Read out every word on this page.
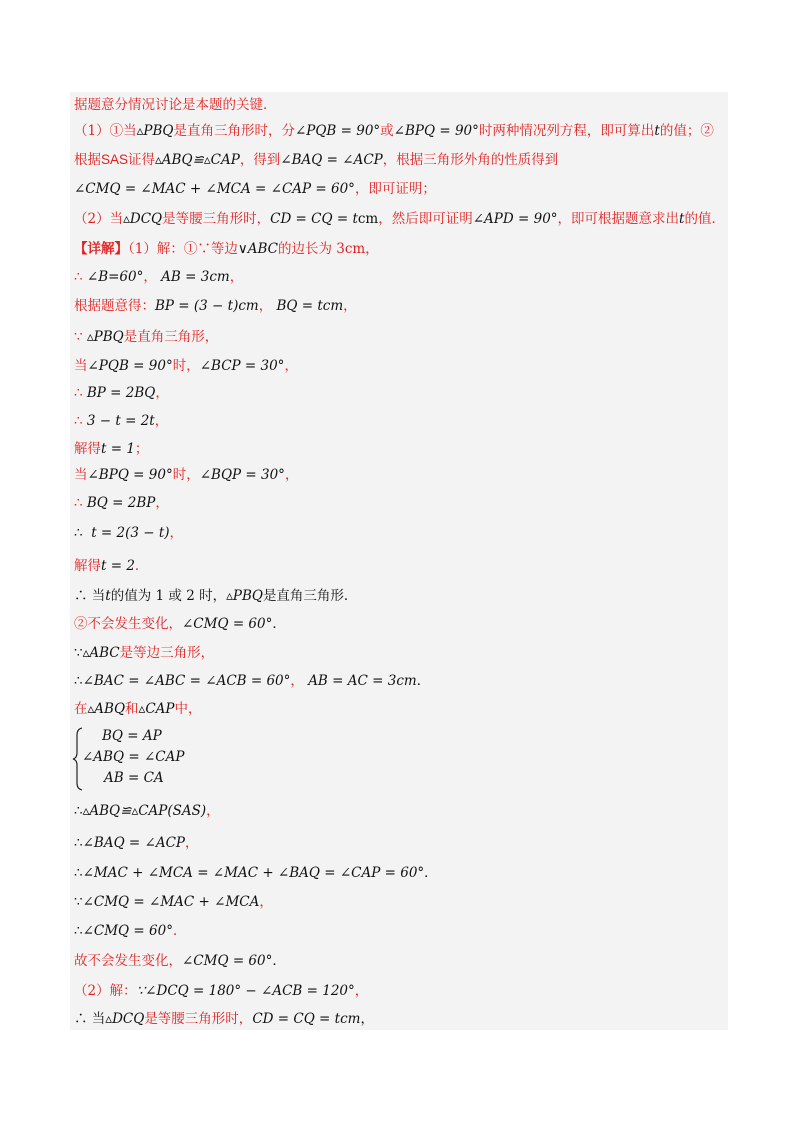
据题意分情况讨论是本题的关键．
（1）①当▵PBQ是直角三角形时，分∠PQB = 90°或∠BPQ = 90°时两种情况列方程，即可算出t的值；②
根据SAS证得▵ABQ≌▵CAP，得到∠BAQ = ∠ACP，根据三角形外角的性质得到
∠CMQ = ∠MAC + ∠MCA = ∠CAP = 60°，即可证明；
（2）当▵DCQ是等腰三角形时，CD = CQ = tcm，然后即可证明∠APD = 90°，即可根据题意求出t的值．
【详解】（1）解：①∵等边∨ABC的边长为 3cm，
∴ ∠B=60°， AB = 3cm，
根据题意得：BP = (3 − t)cm， BQ = tcm，
∵ ▵PBQ是直角三角形，
当∠PQB = 90°时，∠BCP = 30°，
∴ BP = 2BQ，
∴ 3 − t = 2t，
解得t = 1；
当∠BPQ = 90°时，∠BQP = 30°，
∴ BQ = 2BP，
∴ t = 2(3 − t)，
解得t = 2．
∴ 当t的值为 1 或 2 时，▵PBQ是直角三角形．
②不会发生变化，∠CMQ = 60°．
∵▵ABC是等边三角形，
∴∠BAC = ∠ABC = ∠ACB = 60°， AB = AC = 3cm．
在▵ABQ和▵CAP中，
BQ = AP
∠ABQ = ∠CAP
AB = CA
∴▵ABQ≌▵CAP(SAS)，
∴∠BAQ = ∠ACP，
∴∠MAC + ∠MCA = ∠MAC + ∠BAQ = ∠CAP = 60°．
∵∠CMQ = ∠MAC + ∠MCA，
∴∠CMQ = 60°．
故不会发生变化，∠CMQ = 60°．
（2）解：∵∠DCQ = 180° − ∠ACB = 120°，
∴ 当▵DCQ是等腰三角形时，CD = CQ = tcm，
